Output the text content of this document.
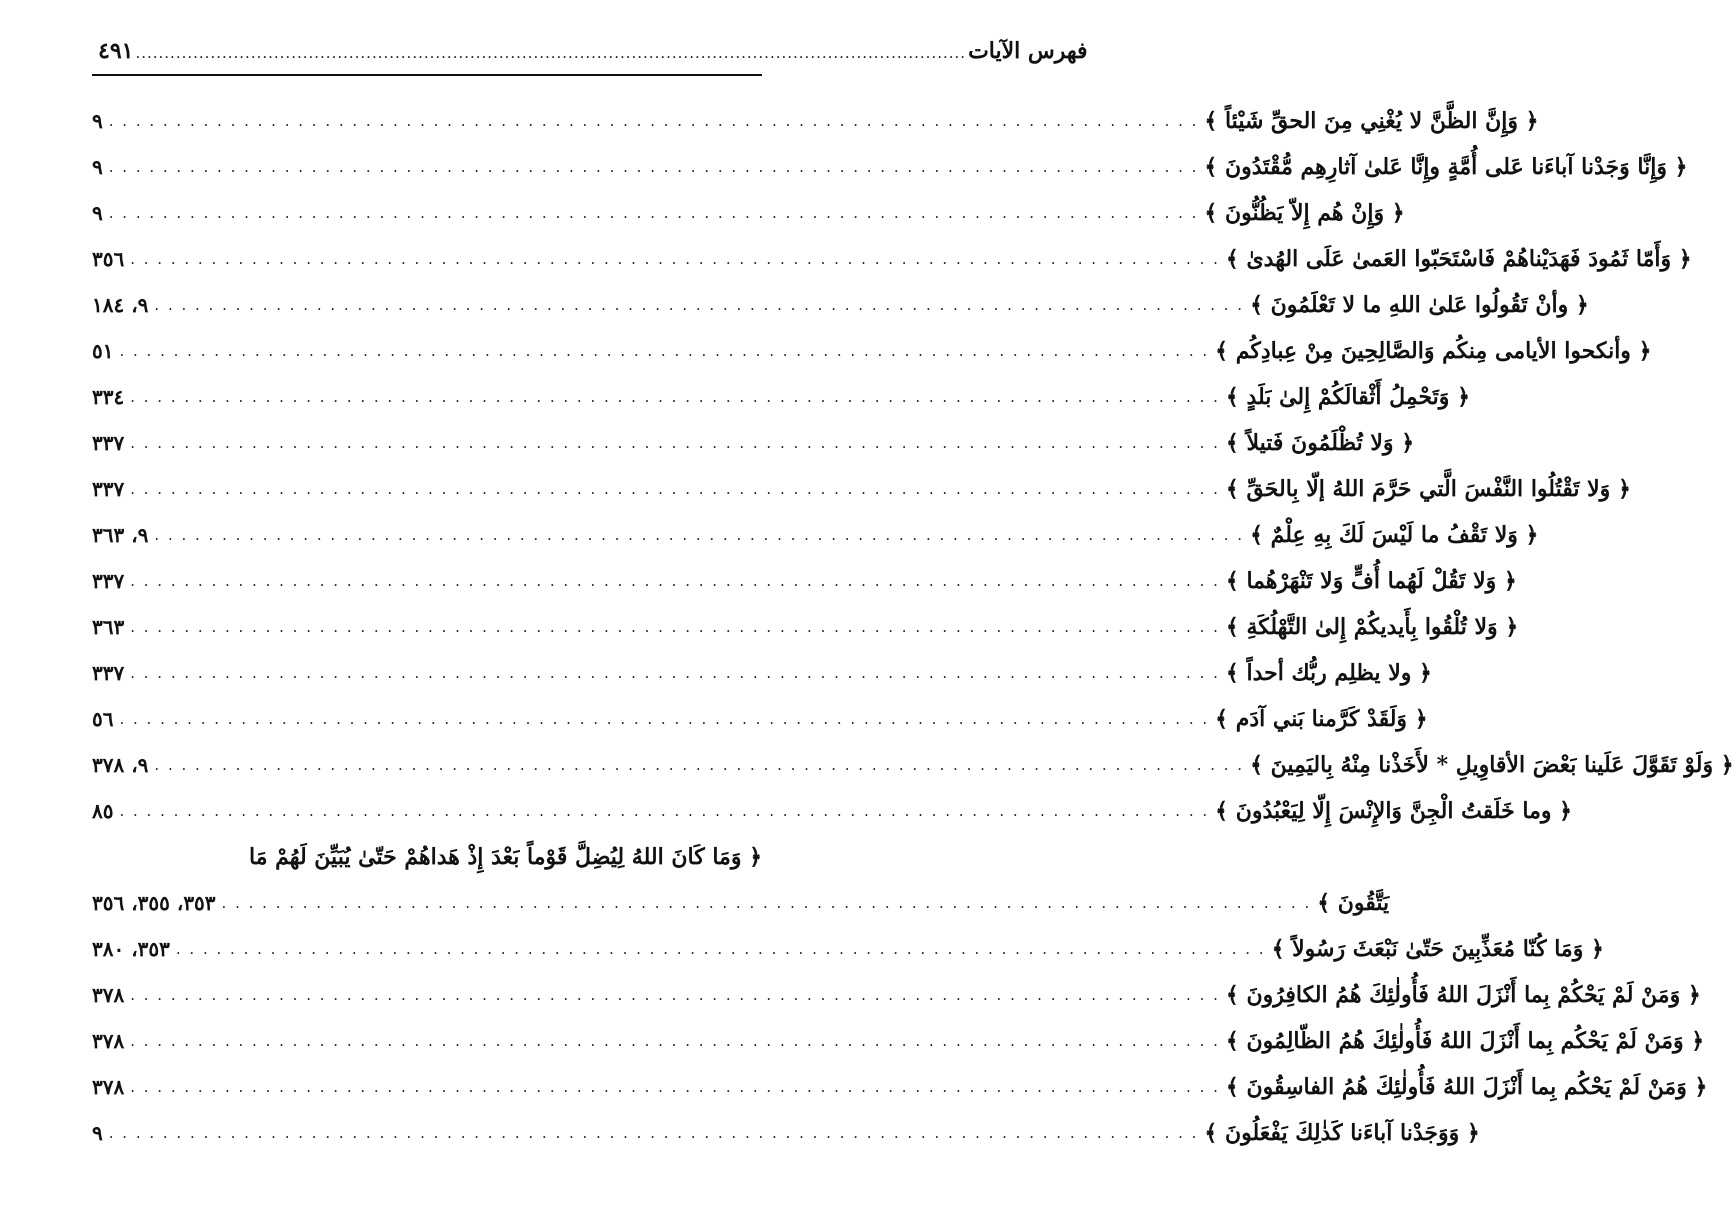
٤٩١ ................................................................................................................................................ فهرس الآيات
٩ . . . . . . . . . . . . . . . . . . . . . . . . . . . . . . . . . . . . . . . . . . . . . . . . . . . . . . . . . . . . . . . . . . . . . . . . . . . . . . . . . ﴿ وَإِنَّ الظَّنَّ لا يُغْنِي مِنَ الحقِّ شَيْئاً ﴾
٩ . . . . . . . . . . . . . . . . . . . . . . . . . . . . . . . . . . . . . . . . . . . . . . . . . . . . . . . . . . . . . . . . . . . . . . . . . . . . . . . . . ﴿ وَإِنَّا وَجَدْنا آباءَنا عَلى أُمَّةٍ وإِنَّا عَلىٰ آثارِهِم مُّقْتَدُونَ ﴾
٩ . . . . . . . . . . . . . . . . . . . . . . . . . . . . . . . . . . . . . . . . . . . . . . . . . . . . . . . . . . . . . . . . . . . . . . . . . . . . . . . . . ﴿ وَإِنْ هُم إِلاّ يَظُنُّونَ ﴾
٣٥٦ . . . . . . . . . . . . . . . . . . . . . . . . . . . . . . . . . . . . . . . . . . . . . . . . . . . . . . . . . . . . . . . . . . . . . . . . . . . . . . . . . ﴿ وَأَمّا ثَمُودَ فَهَدَيْناهُمْ فَاسْتَحَبّوا العَمىٰ عَلَى الهُدىٰ ﴾
٩، ١٨٤ . . . . . . . . . . . . . . . . . . . . . . . . . . . . . . . . . . . . . . . . . . . . . . . . . . . . . . . . . . . . . . . . . . . . . . . . . . . . . . . . . ﴿ وأنْ تَقُولُوا عَلىٰ اللهِ ما لا تَعْلَمُونَ ﴾
٥١ . . . . . . . . . . . . . . . . . . . . . . . . . . . . . . . . . . . . . . . . . . . . . . . . . . . . . . . . . . . . . . . . . . . . . . . . . . . . . . . . . ﴿ وأنكحوا الأيامى مِنكُم وَالصَّالِحِينَ مِنْ عِبادِكُم ﴾
٣٣٤ . . . . . . . . . . . . . . . . . . . . . . . . . . . . . . . . . . . . . . . . . . . . . . . . . . . . . . . . . . . . . . . . . . . . . . . . . . . . . . . . . ﴿ وَتَحْمِلُ أَثْقالَكُمْ إِلىٰ بَلَدٍ ﴾
٣٣٧ . . . . . . . . . . . . . . . . . . . . . . . . . . . . . . . . . . . . . . . . . . . . . . . . . . . . . . . . . . . . . . . . . . . . . . . . . . . . . . . . . ﴿ وَلا تُظْلَمُونَ فَتيلاً ﴾
٣٣٧ . . . . . . . . . . . . . . . . . . . . . . . . . . . . . . . . . . . . . . . . . . . . . . . . . . . . . . . . . . . . . . . . . . . . . . . . . . . . . . . . . ﴿ وَلا تَقْتُلُوا النَّفْسَ الَّتي حَرَّمَ اللهُ إلّا بِالحَقِّ ﴾
٩، ٣٦٣ . . . . . . . . . . . . . . . . . . . . . . . . . . . . . . . . . . . . . . . . . . . . . . . . . . . . . . . . . . . . . . . . . . . . . . . . . . . . . . . . . ﴿ وَلا تَقْفُ ما لَيْسَ لَكَ بِهِ عِلْمٌ ﴾
٣٣٧ . . . . . . . . . . . . . . . . . . . . . . . . . . . . . . . . . . . . . . . . . . . . . . . . . . . . . . . . . . . . . . . . . . . . . . . . . . . . . . . . . ﴿ وَلا تَقُلْ لَهُما أُفٍّ وَلا تَنْهَرْهُما ﴾
٣٦٣ . . . . . . . . . . . . . . . . . . . . . . . . . . . . . . . . . . . . . . . . . . . . . . . . . . . . . . . . . . . . . . . . . . . . . . . . . . . . . . . . . ﴿ وَلا تُلْقُوا بِأَيديكُمْ إِلىٰ التَّهْلُكَةِ ﴾
٣٣٧ . . . . . . . . . . . . . . . . . . . . . . . . . . . . . . . . . . . . . . . . . . . . . . . . . . . . . . . . . . . . . . . . . . . . . . . . . . . . . . . . . ﴿ ولا يظلِم ربُّك أحداً ﴾
٥٦ . . . . . . . . . . . . . . . . . . . . . . . . . . . . . . . . . . . . . . . . . . . . . . . . . . . . . . . . . . . . . . . . . . . . . . . . . . . . . . . . . ﴿ وَلَقَدْ كَرَّمنا بَني آدَم ﴾
٩، ٣٧٨ . . . . . . . . . . . . . . . . . . . . . . . . . . . . . . . . . . . . . . . . . . . . . . . . . . . . . . . . . . . . . . . . . . . . . . . . . . . . . . . . . ﴿ وَلَوْ تَقَوَّلَ عَلَينا بَعْضَ الأقاوِيلِ * لأَخَذْنا مِنْهُ بِاليَمِينَ ﴾
٨٥ . . . . . . . . . . . . . . . . . . . . . . . . . . . . . . . . . . . . . . . . . . . . . . . . . . . . . . . . . . . . . . . . . . . . . . . . . . . . . . . . . ﴿ وما خَلَقتُ الْجِنَّ وَالإِنْسَ إِلّا لِيَعْبُدُونَ ﴾
﴿ وَمَا كَانَ اللهُ لِيُضِلَّ قَوْماً بَعْدَ إِذْ هَداهُمْ حَتّىٰ يُبَيِّنَ لَهُمْ مَا
٣٥٣، ٣٥٥، ٣٥٦ . . . . . . . . . . . . . . . . . . . . . . . . . . . . . . . . . . . . . . . . . . . . . . . . . . . . . . . . . . . . . . . . . . . . . . . . . . . . . . . . . يَتَّقُونَ ﴾
٣٥٣، ٣٨٠ . . . . . . . . . . . . . . . . . . . . . . . . . . . . . . . . . . . . . . . . . . . . . . . . . . . . . . . . . . . . . . . . . . . . . . . . . . . . . . . . . ﴿ وَمَا كُنّا مُعَذِّبِينَ حَتّىٰ نَبْعَثَ رَسُولاً ﴾
٣٧٨ . . . . . . . . . . . . . . . . . . . . . . . . . . . . . . . . . . . . . . . . . . . . . . . . . . . . . . . . . . . . . . . . . . . . . . . . . . . . . . . . . ﴿ وَمَنْ لَمْ يَحْكُمْ بِما أَنْزَلَ اللهُ فَأُولٰئِكَ هُمُ الكافِرُونَ ﴾
٣٧٨ . . . . . . . . . . . . . . . . . . . . . . . . . . . . . . . . . . . . . . . . . . . . . . . . . . . . . . . . . . . . . . . . . . . . . . . . . . . . . . . . . ﴿ وَمَنْ لَمْ يَحْكُم بِما أَنْزَلَ اللهُ فَأُولٰئِكَ هُمُ الظّالِمُونَ ﴾
٣٧٨ . . . . . . . . . . . . . . . . . . . . . . . . . . . . . . . . . . . . . . . . . . . . . . . . . . . . . . . . . . . . . . . . . . . . . . . . . . . . . . . . . ﴿ وَمَنْ لَمْ يَحْكُم بِما أَنْزَلَ اللهُ فَأُولٰئِكَ هُمُ الفاسِقُونَ ﴾
٩ . . . . . . . . . . . . . . . . . . . . . . . . . . . . . . . . . . . . . . . . . . . . . . . . . . . . . . . . . . . . . . . . . . . . . . . . . . . . . . . . . ﴿ وَوَجَدْنا آباءَنا كَذٰلِكَ يَفْعَلُونَ ﴾
